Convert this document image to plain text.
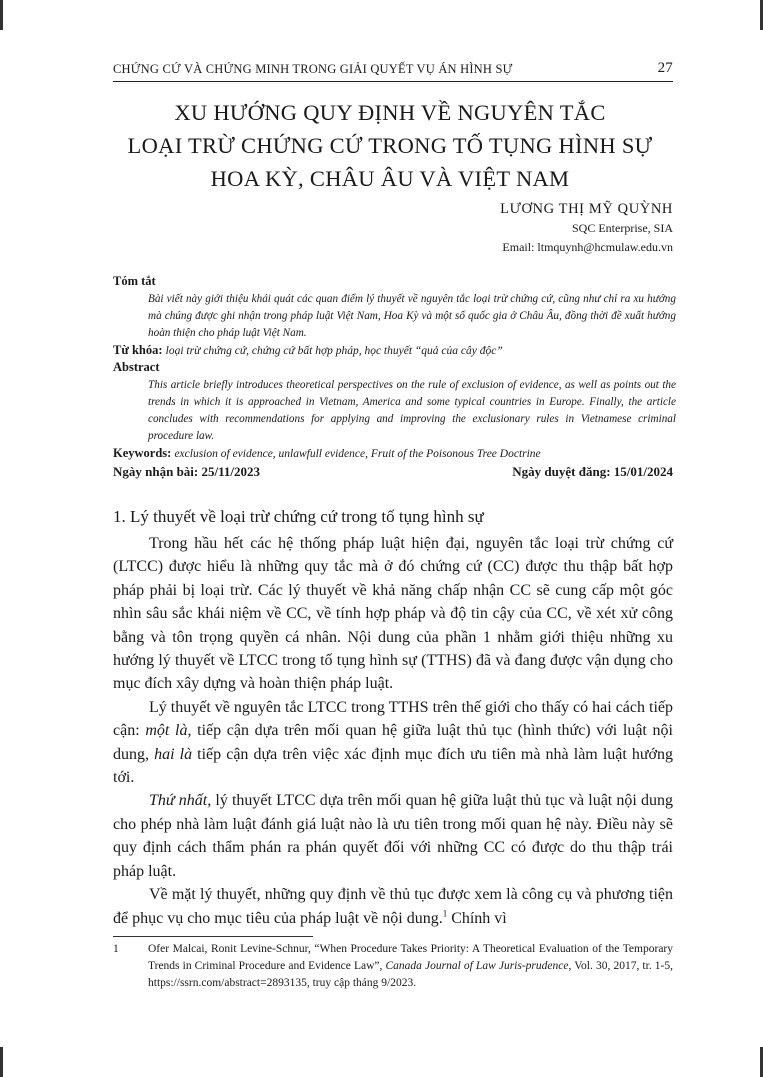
CHỨNG CỨ VÀ CHỨNG MINH TRONG GIẢI QUYẾT VỤ ÁN HÌNH SỰ	27
XU HƯỚNG QUY ĐỊNH VỀ NGUYÊN TẮC
LOẠI TRỪ CHỨNG CỨ TRONG TỐ TỤNG HÌNH SỰ
HOA KỲ, CHÂU ÂU VÀ VIỆT NAM
LƯƠNG THỊ MỸ QUỲNH
SQC Enterprise, SIA
Email: ltmquynh@hcmulaw.edu.vn
Tóm tắt
Bài viết này giới thiệu khái quát các quan điểm lý thuyết về nguyên tắc loại trừ chứng cứ, cũng như chỉ ra xu hướng mà chúng được ghi nhận trong pháp luật Việt Nam, Hoa Kỳ và một số quốc gia ở Châu Âu, đồng thời đề xuất hướng hoàn thiện cho pháp luật Việt Nam.
Từ khóa: loại trừ chứng cứ, chứng cứ bất hợp pháp, học thuyết “quả của cây độc”
Abstract
This article briefly introduces theoretical perspectives on the rule of exclusion of evidence, as well as points out the trends in which it is approached in Vietnam, America and some typical countries in Europe. Finally, the article concludes with recommendations for applying and improving the exclusionary rules in Vietnamese criminal procedure law.
Keywords: exclusion of evidence, unlawfull evidence, Fruit of the Poisonous Tree Doctrine
Ngày nhận bài: 25/11/2023	Ngày duyệt đăng: 15/01/2024
1. Lý thuyết về loại trừ chứng cứ trong tố tụng hình sự

Trong hầu hết các hệ thống pháp luật hiện đại, nguyên tắc loại trừ chứng cứ (LTCC) được hiểu là những quy tắc mà ở đó chứng cứ (CC) được thu thập bất hợp pháp phải bị loại trừ. Các lý thuyết về khả năng chấp nhận CC sẽ cung cấp một góc nhìn sâu sắc khái niệm về CC, về tính hợp pháp và độ tin cậy của CC, về xét xử công bằng và tôn trọng quyền cá nhân. Nội dung của phần 1 nhằm giới thiệu những xu hướng lý thuyết về LTCC trong tố tụng hình sự (TTHS) đã và đang được vận dụng cho mục đích xây dựng và hoàn thiện pháp luật.

Lý thuyết về nguyên tắc LTCC trong TTHS trên thế giới cho thấy có hai cách tiếp cận: một là, tiếp cận dựa trên mối quan hệ giữa luật thủ tục (hình thức) với luật nội dung, hai là tiếp cận dựa trên việc xác định mục đích ưu tiên mà nhà làm luật hướng tới.

Thứ nhất, lý thuyết LTCC dựa trên mối quan hệ giữa luật thủ tục và luật nội dung cho phép nhà làm luật đánh giá luật nào là ưu tiên trong mối quan hệ này. Điều này sẽ quy định cách thẩm phán ra phán quyết đối với những CC có được do thu thập trái pháp luật.

Về mặt lý thuyết, những quy định về thủ tục được xem là công cụ và phương tiện để phục vụ cho mục tiêu của pháp luật về nội dung.$^1$ Chính vì

1	Ofer Malcai, Ronit Levine-Schnur, “When Procedure Takes Priority: A Theoretical Evaluation of the Temporary Trends in Criminal Procedure and Evidence Law”, Canada Journal of Law Juris-prudence, Vol. 30, 2017, tr. 1-5, https://ssrn.com/abstract=2893135, truy cập tháng 9/2023.
